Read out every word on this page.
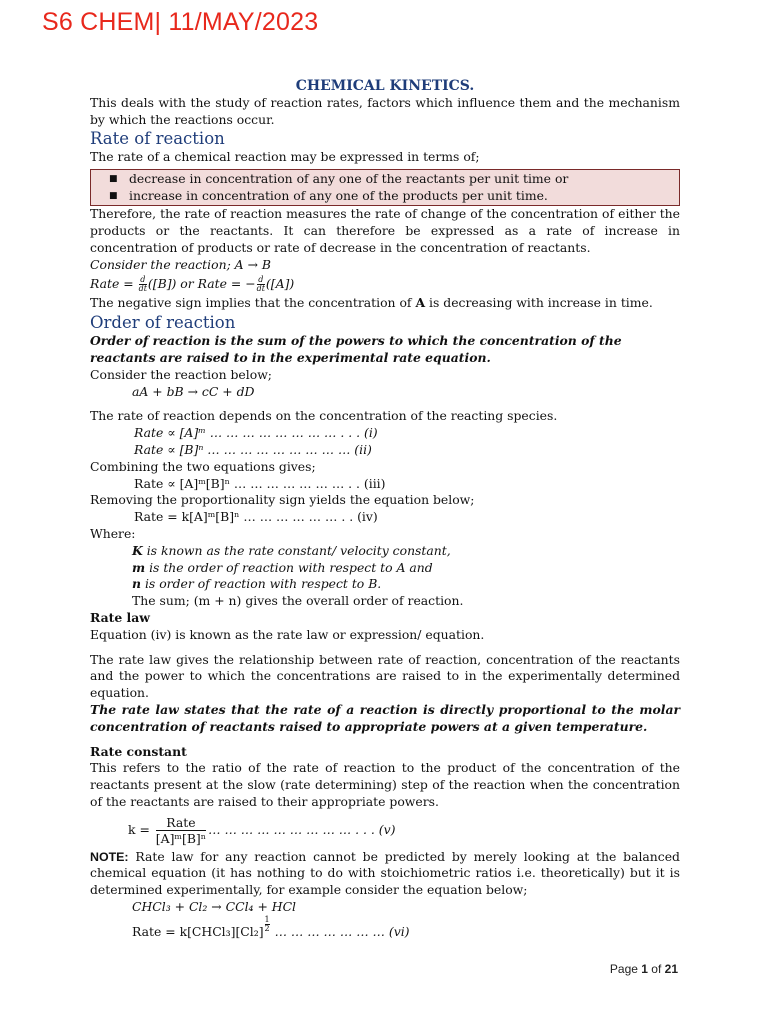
S6 CHEM| 11/MAY/2023

CHEMICAL KINETICS.

This deals with the study of reaction rates, factors which influence them and the mechanism by which the reactions occur.

Rate of reaction

The rate of a chemical reaction may be expressed in terms of;

■ decrease in concentration of any one of the reactants per unit time or
■ increase in concentration of any one of the products per unit time.

Therefore, the rate of reaction measures the rate of change of the concentration of either the products or the reactants. It can therefore be expressed as a rate of increase in concentration of products or rate of decrease in the concentration of reactants.

Consider the reaction; A → B

Rate = $\frac{d}{dt}([B])$ or Rate = − $\frac{d}{dt}([A])$

The negative sign implies that the concentration of A is decreasing with increase in time.

Order of reaction

Order of reaction is the sum of the powers to which the concentration of the reactants are raised to in the experimental rate equation.

Consider the reaction below;

aA + bB → cC + dD

The rate of reaction depends on the concentration of the reacting species.

Rate ∝ [A]ᵐ … … … … … … … … . . . (i)

Rate ∝ [B]ⁿ … … … … … … … … … (ii)

Combining the two equations gives;

Rate ∝ [A]ᵐ[B]ⁿ … … … … … … … . . (iii)

Removing the proportionality sign yields the equation below;

Rate = k[A]ᵐ[B]ⁿ … … … … … … . . (iv)

Where:

K is known as the rate constant/ velocity constant,

m is the order of reaction with respect to A and

n is order of reaction with respect to B.

The sum; (m + n) gives the overall order of reaction.

Rate law

Equation (iv) is known as the rate law or expression/ equation.

The rate law gives the relationship between rate of reaction, concentration of the reactants and the power to which the concentrations are raised to in the experimentally determined equation.

The rate law states that the rate of a reaction is directly proportional to the molar concentration of reactants raised to appropriate powers at a given temperature.

Rate constant

This refers to the ratio of the rate of reaction to the product of the concentration of the reactants present at the slow (rate determining) step of the reaction when the concentration of the reactants are raised to their appropriate powers.

$k = \frac{\text{Rate}}{\text{[A]ᵐ[B]ⁿ}}$ … … … … … … … … … . . . (v)

NOTE: Rate law for any reaction cannot be predicted by merely looking at the balanced chemical equation (it has nothing to do with stoichiometric ratios i.e. theoretically) but it is determined experimentally, for example consider the equation below;

CHCl₃ + Cl₂ → CCl₄ + HCl

Rate = k[CHCl₃][Cl₂] $\frac{1}{2}$ … … … … … … … (vi)

Page 1 of 21
